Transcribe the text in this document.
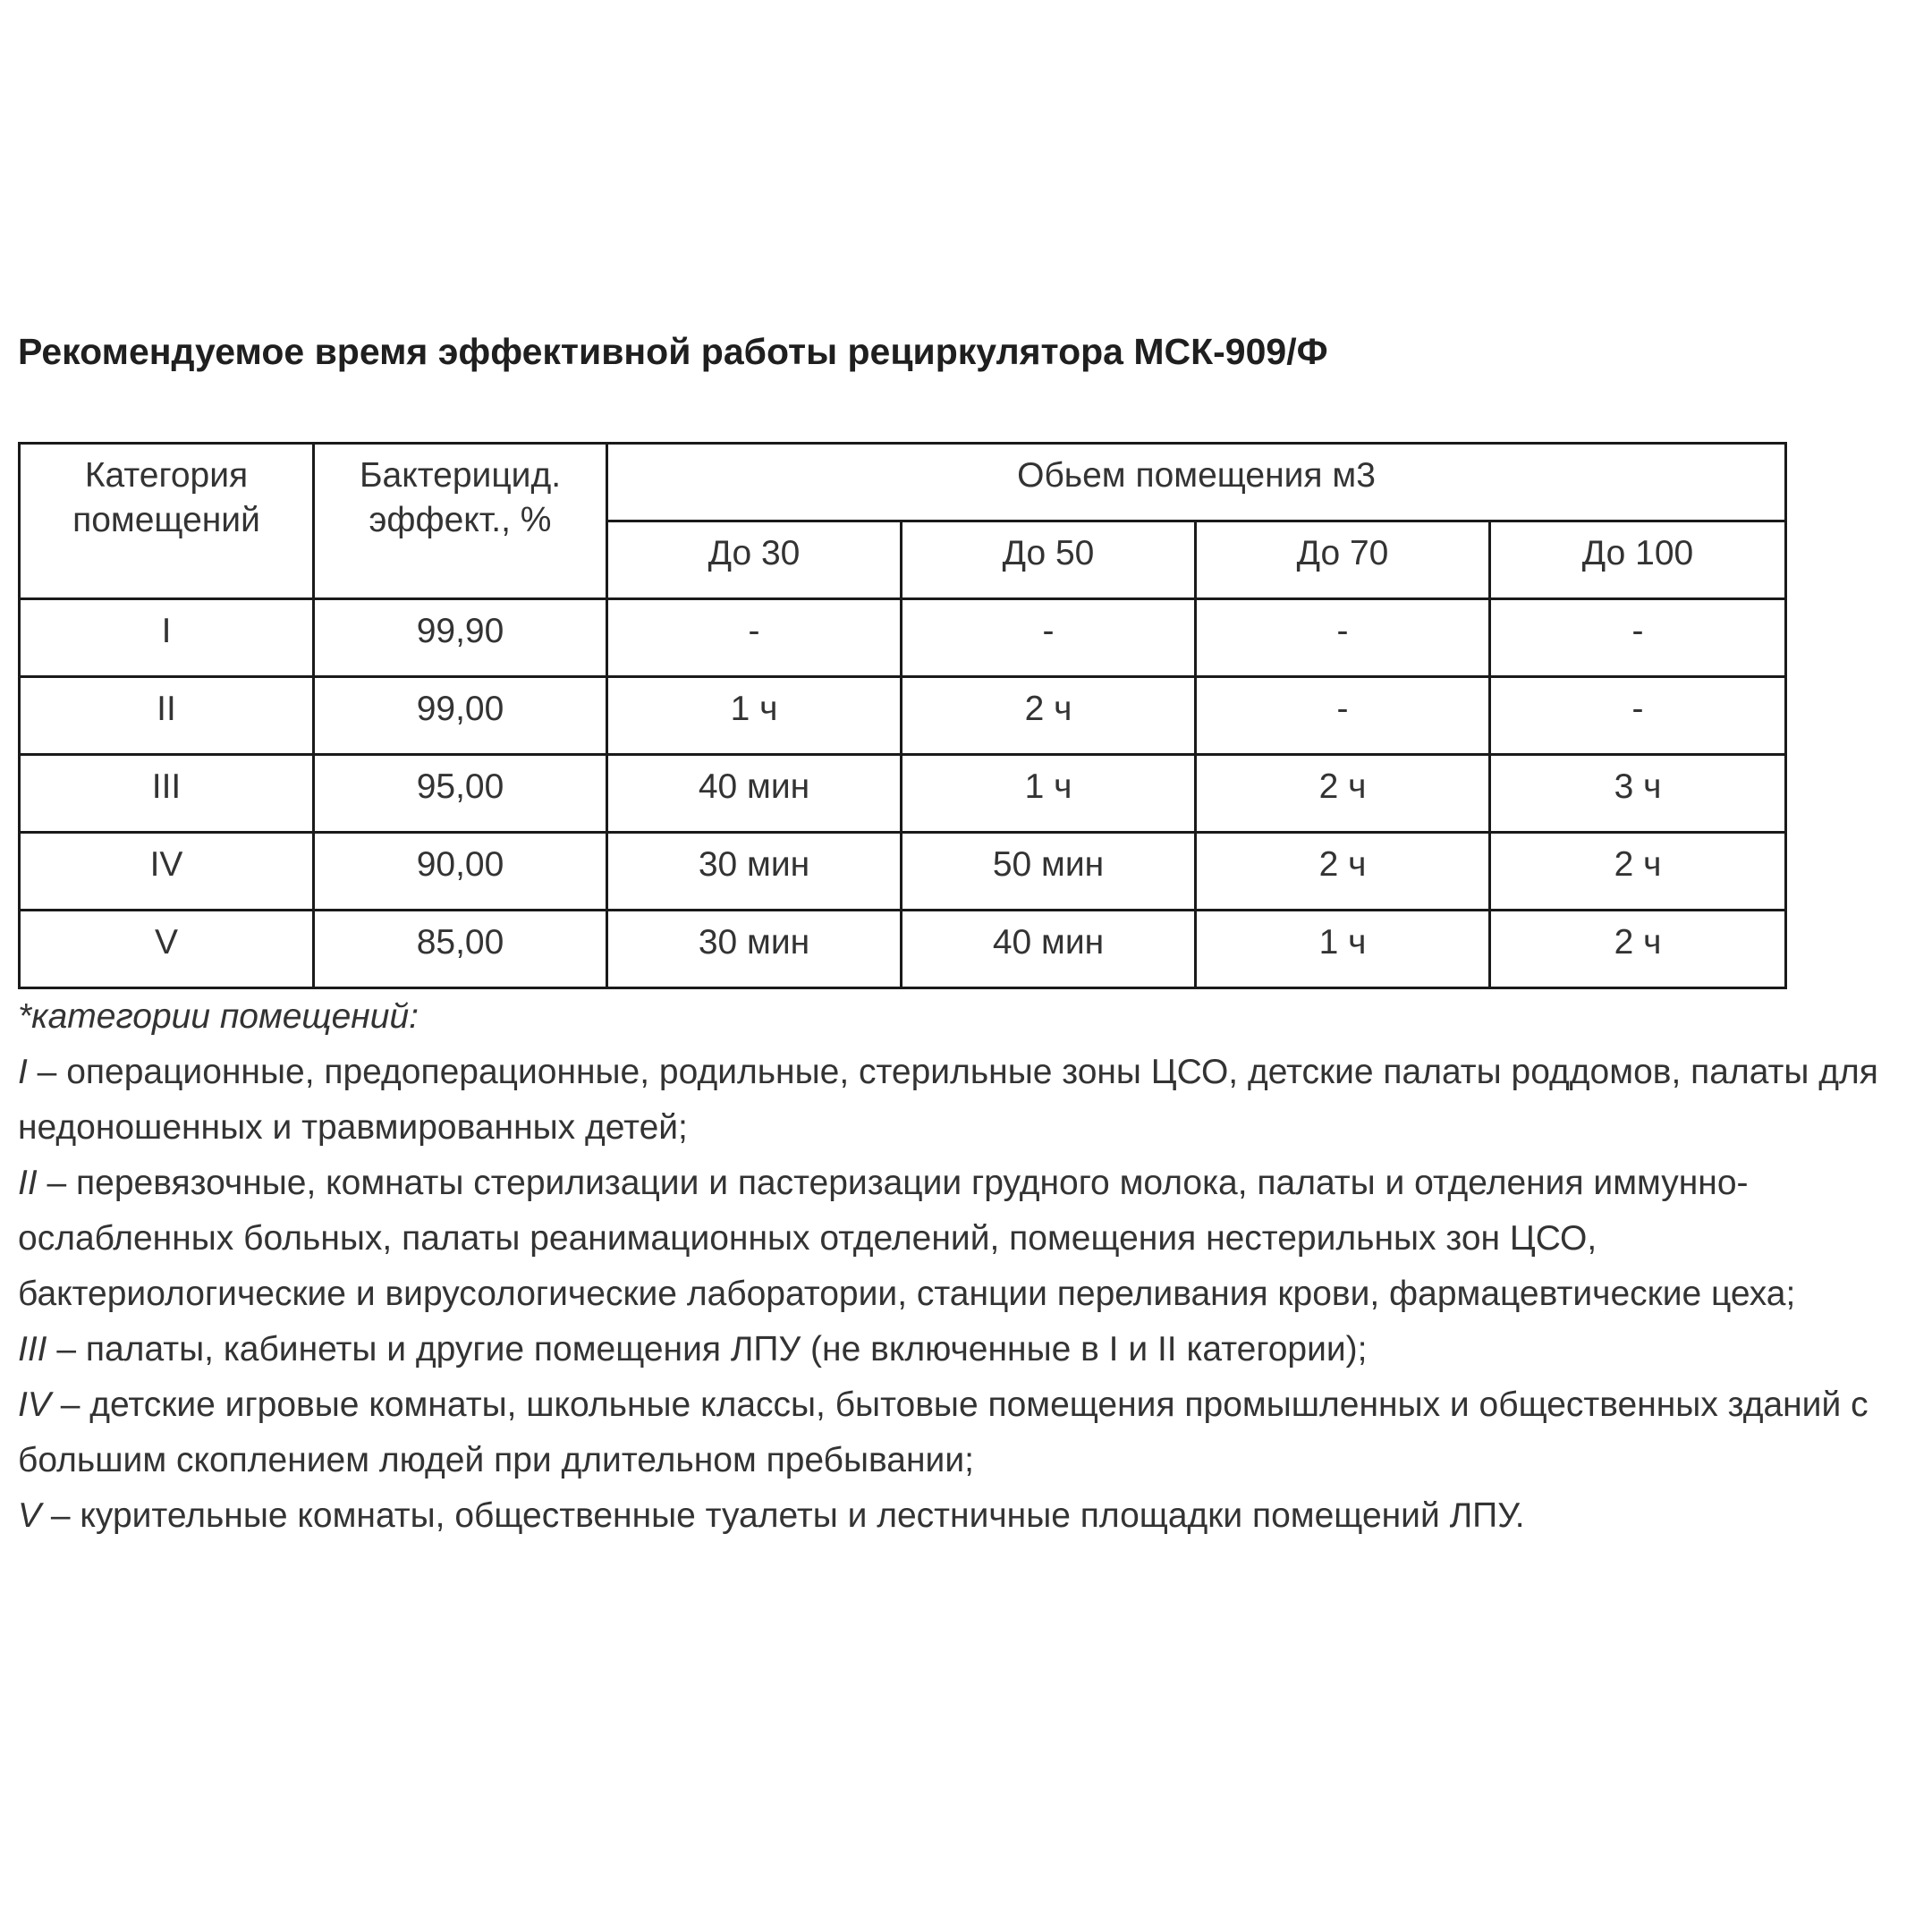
Рекомендуемое время эффективной работы рециркулятора МСК-909/Ф
Категория помещений	Бактерицид. эффект., %	Обьем помещения м3			
		До 30	До 50	До 70	До 100
I	99,90	-	-	-	-
II	99,00	1 ч	2 ч	-	-
III	95,00	40 мин	1 ч	2 ч	3 ч
IV	90,00	30 мин	50 мин	2 ч	2 ч
V	85,00	30 мин	40 мин	1 ч	2 ч

*категории помещений:

I – операционные, предоперационные, родильные, стерильные зоны ЦСО, детские палаты роддомов, палаты для недоношенных и травмированных детей;

II – перевязочные, комнаты стерилизации и пастеризации грудного молока, палаты и отделения иммунно-ослабленных больных, палаты реанимационных отделений, помещения нестерильных зон ЦСО, бактериологические и вирусологические лаборатории, станции переливания крови, фармацевтические цеха;

III – палаты, кабинеты и другие помещения ЛПУ (не включенные в I и II категории);

IV – детские игровые комнаты, школьные классы, бытовые помещения промышленных и общественных зданий с большим скоплением людей при длительном пребывании;

V – курительные комнаты, общественные туалеты и лестничные площадки помещений ЛПУ.
